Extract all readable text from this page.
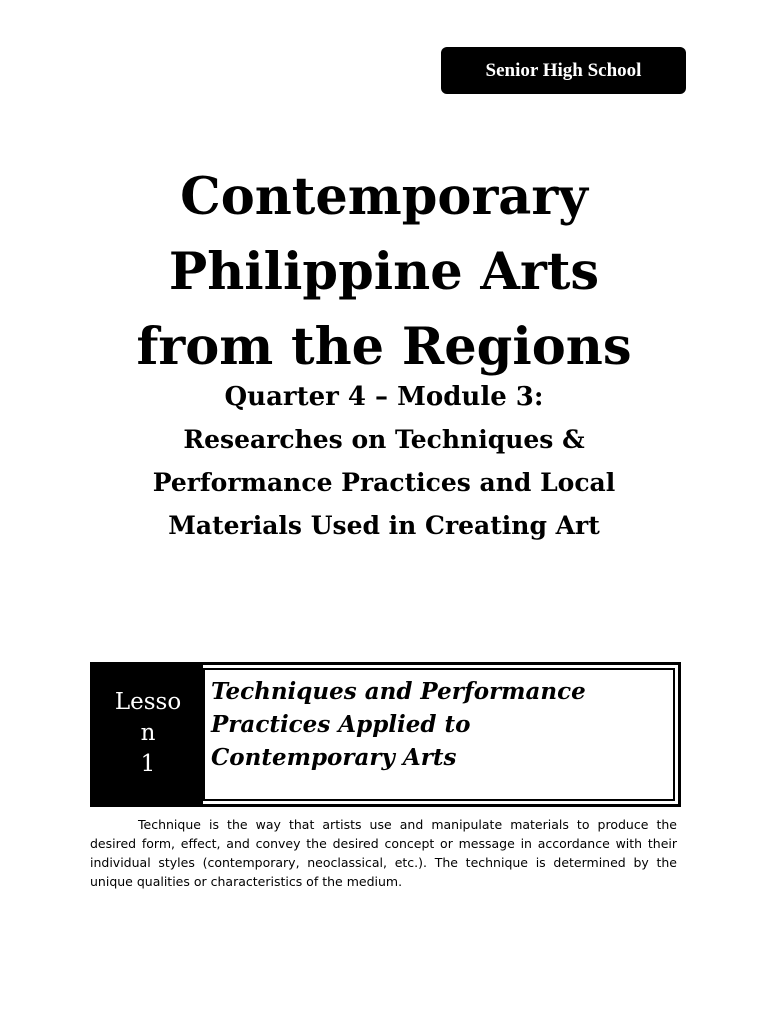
Senior High School
Contemporary
Philippine Arts
from the Regions
Quarter 4 – Module 3:
Researches on Techniques &
Performance Practices and Local
Materials Used in Creating Art
Lesso
n
1
Techniques and Performance
Practices Applied to
Contemporary Arts

Technique is the way that artists use and manipulate materials to produce the desired form, effect, and convey the desired concept or message in accordance with their individual styles (contemporary, neoclassical, etc.). The technique is determined by the unique qualities or characteristics of the medium.
